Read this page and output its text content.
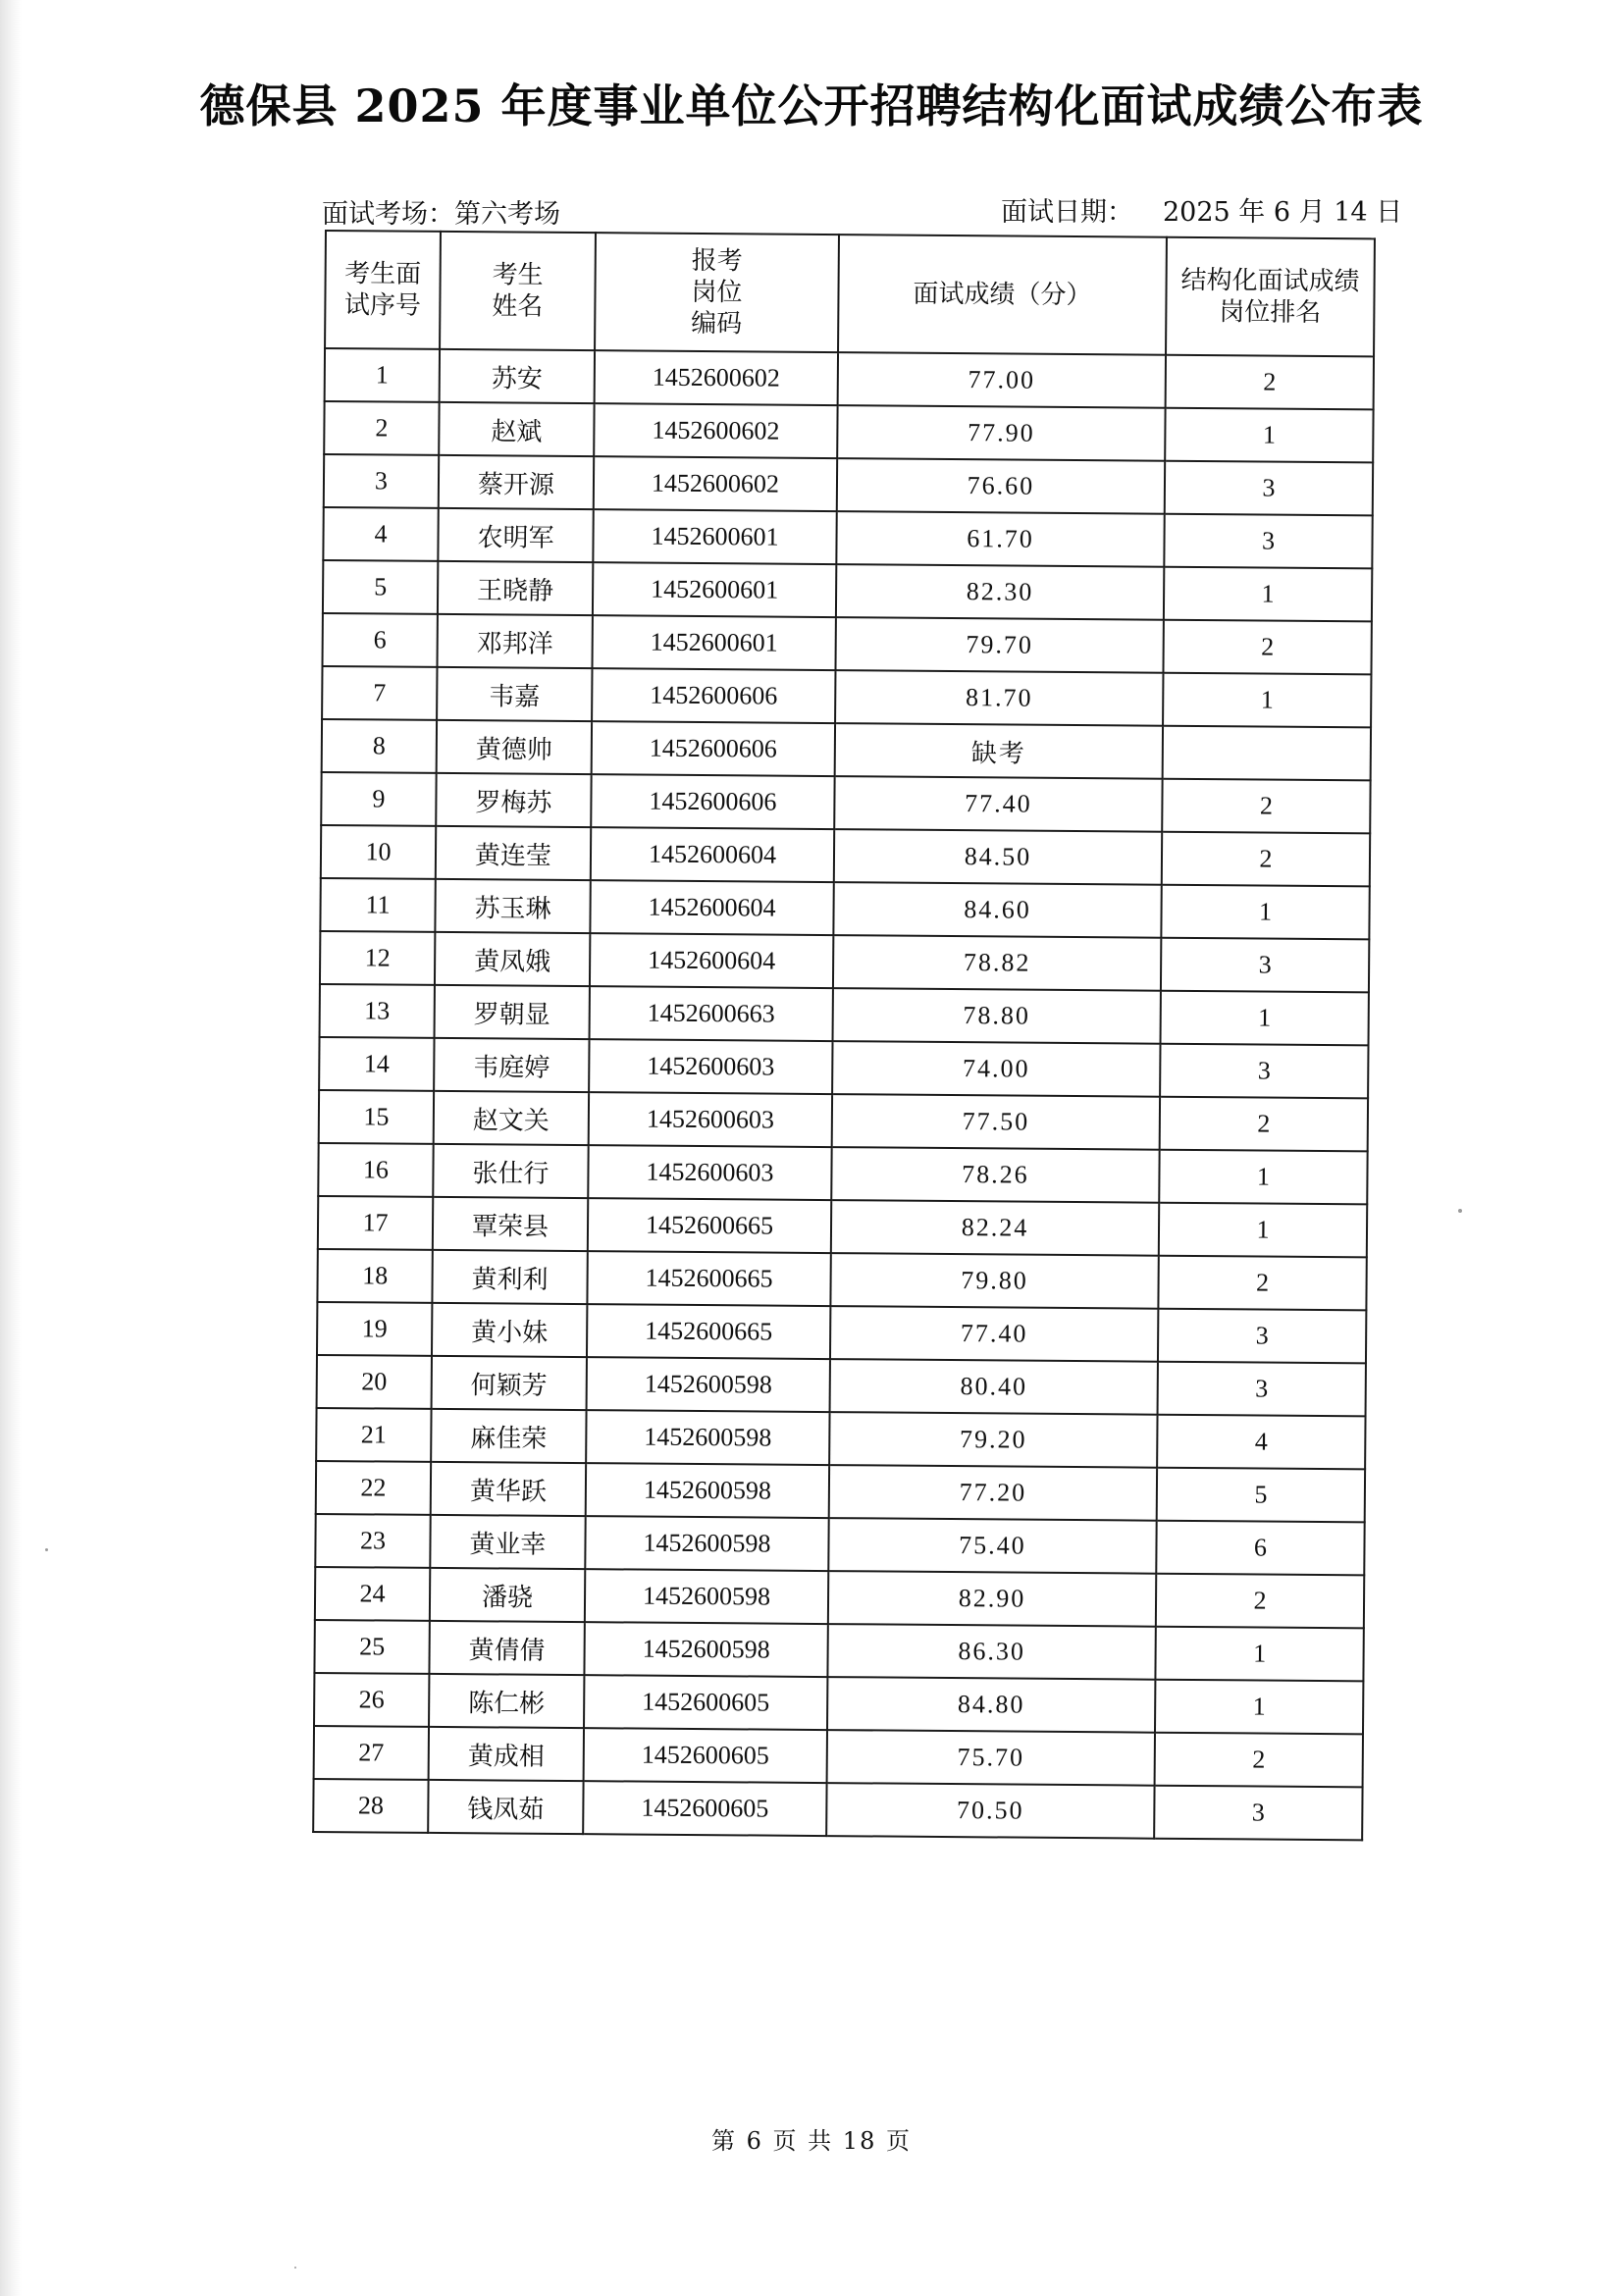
德保县 2025 年度事业单位公开招聘结构化面试成绩公布表
面试考场：第六考场	面试日期： 2025 年 6 月 14 日
考生面试序号	考生姓名	报考岗位编码	面试成绩（分）	结构化面试成绩岗位排名
1	苏安	1452600602	77.00	2
2	赵斌	1452600602	77.90	1
3	蔡开源	1452600602	76.60	3
4	农明军	1452600601	61.70	3
5	王晓静	1452600601	82.30	1
6	邓邦洋	1452600601	79.70	2
7	韦嘉	1452600606	81.70	1
8	黄德帅	1452600606	缺考	
9	罗梅苏	1452600606	77.40	2
10	黄连莹	1452600604	84.50	2
11	苏玉琳	1452600604	84.60	1
12	黄凤娥	1452600604	78.82	3
13	罗朝显	1452600663	78.80	1
14	韦庭婷	1452600603	74.00	3
15	赵文关	1452600603	77.50	2
16	张仕行	1452600603	78.26	1
17	覃荣县	1452600665	82.24	1
18	黄利利	1452600665	79.80	2
19	黄小妹	1452600665	77.40	3
20	何颖芳	1452600598	80.40	3
21	麻佳荣	1452600598	79.20	4
22	黄华跃	1452600598	77.20	5
23	黄业幸	1452600598	75.40	6
24	潘骁	1452600598	82.90	2
25	黄倩倩	1452600598	86.30	1
26	陈仁彬	1452600605	84.80	1
27	黄成相	1452600605	75.70	2
28	钱凤茹	1452600605	70.50	3
第 6 页 共 18 页
